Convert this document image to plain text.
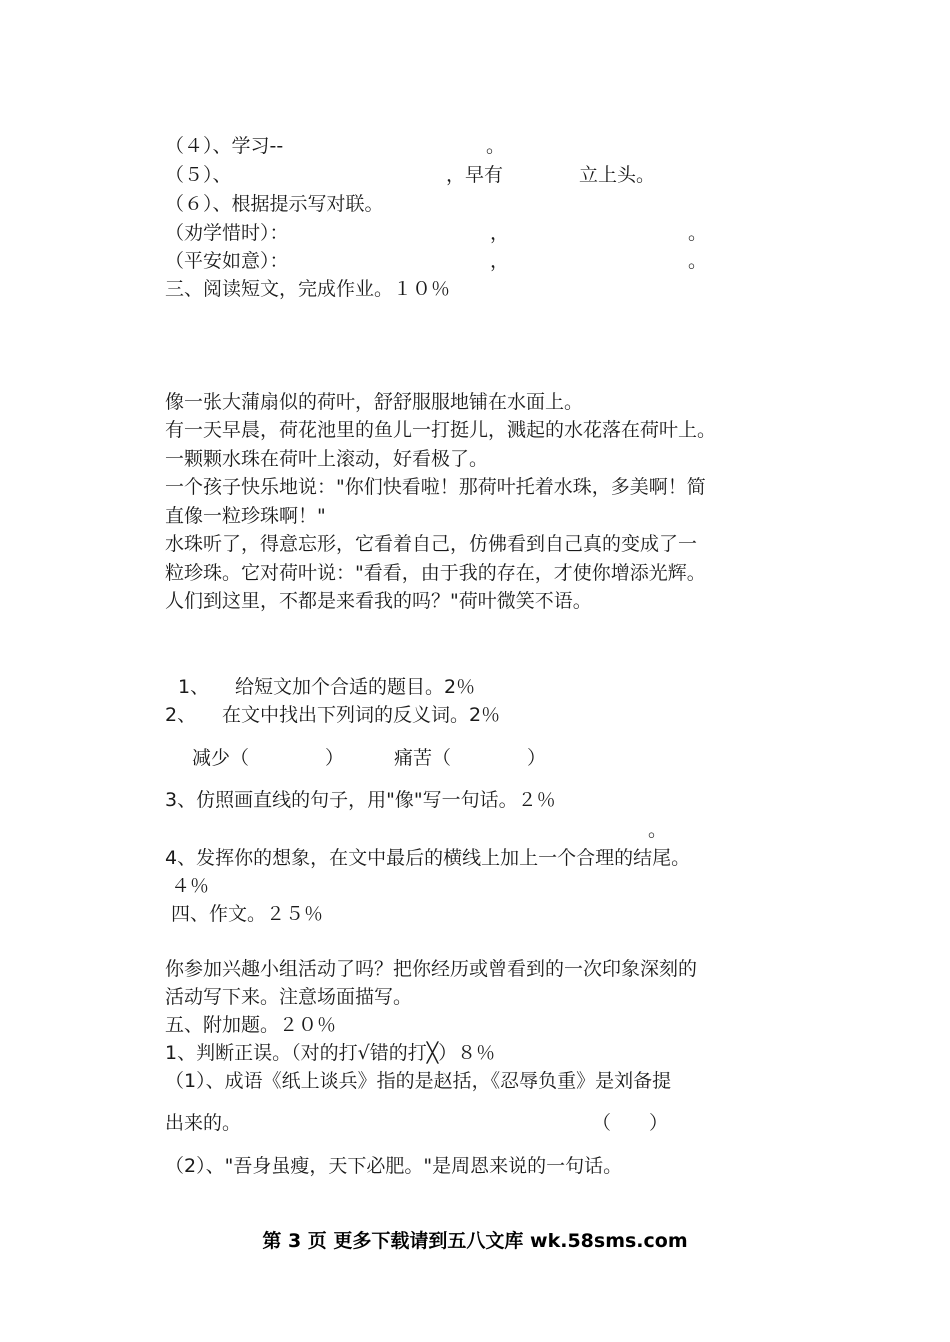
（４）、学习--	。
（５）、	，早有	立上头。
（６）、根据提示写对联。
（劝学惜时）：	，	。
（平安如意）：	，	。
三、阅读短文，完成作业。１０％
像一张大蒲扇似的荷叶，舒舒服服地铺在水面上。
有一天早晨，荷花池里的鱼儿一打挺儿，溅起的水花落在荷叶上。
一颗颗水珠在荷叶上滚动，好看极了。
一个孩子快乐地说："你们快看啦！那荷叶托着水珠，多美啊！简
直像一粒珍珠啊！"
水珠听了，得意忘形，它看着自己，仿佛看到自己真的变成了一
粒珍珠。它对荷叶说："看看，由于我的存在，才使你增添光辉。
人们到这里，不都是来看我的吗？"荷叶微笑不语。
1、 给短文加个合适的题目。2％
2、 在文中找出下列词的反义词。2％
减少（	）	痛苦（	）
3、仿照画直线的句子，用"像"写一句话。２％
。
4、发挥你的想象，在文中最后的横线上加上一个合理的结尾。
４％
四、作文。２５％
你参加兴趣小组活动了吗？把你经历或曾看到的一次印象深刻的
活动写下来。注意场面描写。
五、附加题。２０％
1、判断正误。（对的打√错的打╳）８％
（1）、成语《纸上谈兵》指的是赵括，《忍辱负重》是刘备提
出来的。	（　　）
（2）、"吾身虽瘦，天下必肥。"是周恩来说的一句话。
第 3 页 更多下载请到五八文库 wk.58sms.com
